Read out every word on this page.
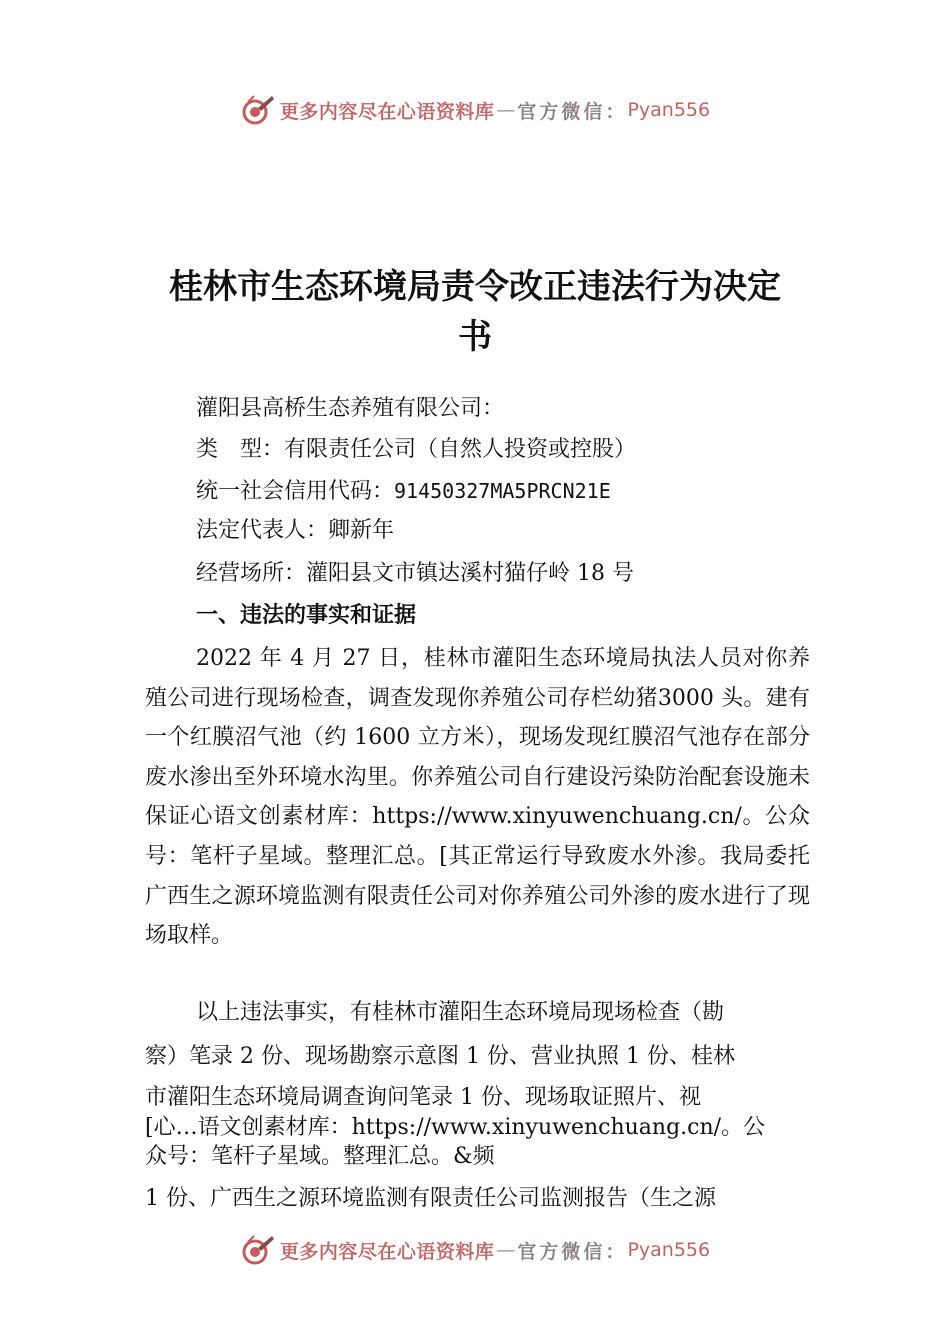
更多内容尽在心语资料库 — 官方微信： Pyan556
桂林市生态环境局责令改正违法行为决定
书
灌阳县高桥生态养殖有限公司：
类　型：有限责任公司（自然人投资或控股）
统一社会信用代码：91450327MA5PRCN21E
法定代表人：卿新年
经营场所：灌阳县文市镇达溪村猫仔岭 18 号
一、违法的事实和证据
2022 年 4 月 27 日，桂林市灌阳生态环境局执法人员对你养殖公司进行现场检查，调查发现你养殖公司存栏幼猪3000 头。建有一个红膜沼气池（约 1600 立方米），现场发现红膜沼气池存在部分废水渗出至外环境水沟里。你养殖公司自行建设污染防治配套设施未保证心语文创素材库：https://www.xinyuwenchuang.cn/。公众号：笔杆子星域。整理汇总。[其正常运行导致废水外渗。我局委托广西生之源环境监测有限责任公司对你养殖公司外渗的废水进行了现场取样。
以上违法事实，有桂林市灌阳生态环境局现场检查（勘
察）笔录 2 份、现场勘察示意图 1 份、营业执照 1 份、桂林
市灌阳生态环境局调查询问笔录 1 份、现场取证照片、视
[心…语文创素材库：https://www.xinyuwenchuang.cn/。公
众号：笔杆子星域。整理汇总。&频
1 份、广西生之源环境监测有限责任公司监测报告（生之源
更多内容尽在心语资料库 — 官方微信： Pyan556
